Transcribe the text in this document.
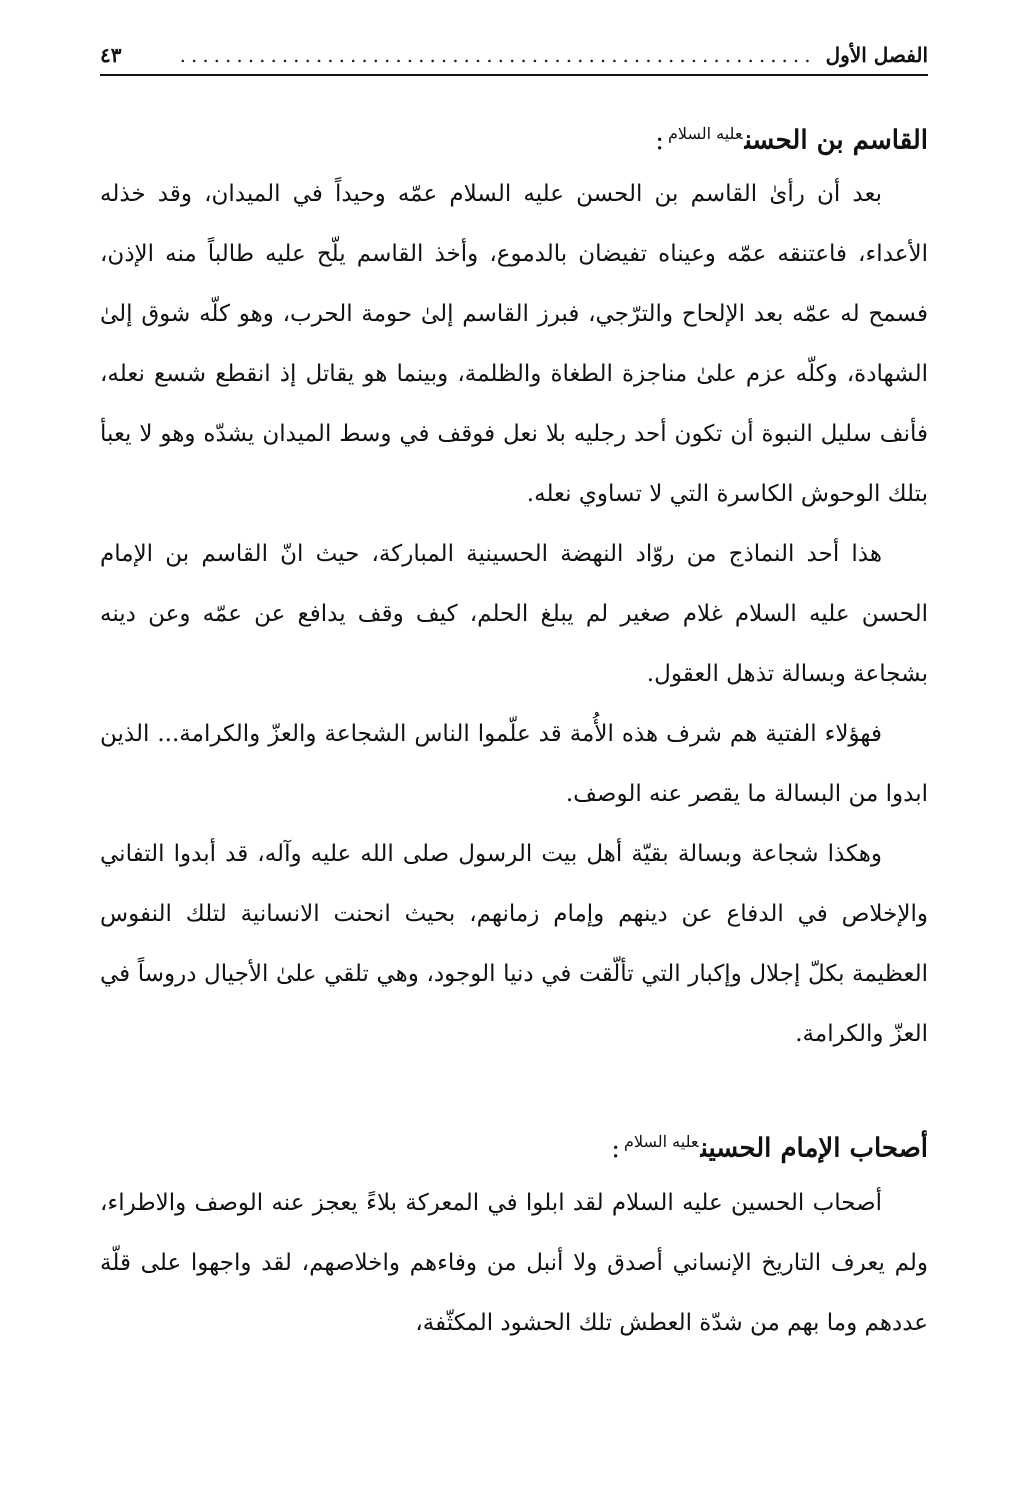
الفصل الأول
........................................................
٤٣
القاسم بن الحسن$^{عليه السلام}$:

بعد أن رأىٰ القاسم بن الحسن عليه السلام عمّه وحيداً في الميدان، وقد خذله الأعداء، فاعتنقه عمّه وعيناه تفيضان بالدموع، وأخذ القاسم يلّح عليه طالباً منه الإذن، فسمح له عمّه بعد الإلحاح والترّجي، فبرز القاسم إلىٰ حومة الحرب، وهو كلّه شوق إلىٰ الشهادة، وكلّه عزم علىٰ مناجزة الطغاة والظلمة، وبينما هو يقاتل إذ انقطع شسع نعله، فأنف سليل النبوة أن تكون أحد رجليه بلا نعل فوقف في وسط الميدان يشدّه وهو لا يعبأ بتلك الوحوش الكاسرة التي لا تساوي نعله.

هذا أحد النماذج من روّاد النهضة الحسينية المباركة، حيث انّ القاسم بن الإمام الحسن عليه السلام غلام صغير لم يبلغ الحلم، كيف وقف يدافع عن عمّه وعن دينه بشجاعة وبسالة تذهل العقول.

فهؤلاء الفتية هم شرف هذه الأُمة قد علّموا الناس الشجاعة والعزّ والكرامة... الذين ابدوا من البسالة ما يقصر عنه الوصف.

وهكذا شجاعة وبسالة بقيّة أهل بيت الرسول صلى الله عليه وآله، قد أبدوا التفاني والإخلاص في الدفاع عن دينهم وإمام زمانهم، بحيث انحنت الانسانية لتلك النفوس العظيمة بكلّ إجلال وإكبار التي تألّقت في دنيا الوجود، وهي تلقي علىٰ الأجيال دروساً في العزّ والكرامة.

أصحاب الإمام الحسين$^{عليه السلام}$:

أصحاب الحسين عليه السلام لقد ابلوا في المعركة بلاءً يعجز عنه الوصف والاطراء، ولم يعرف التاريخ الإنساني أصدق ولا أنبل من وفاءهم واخلاصهم، لقد واجهوا على قلّة عددهم وما بهم من شدّة العطش تلك الحشود المكثّفة،
